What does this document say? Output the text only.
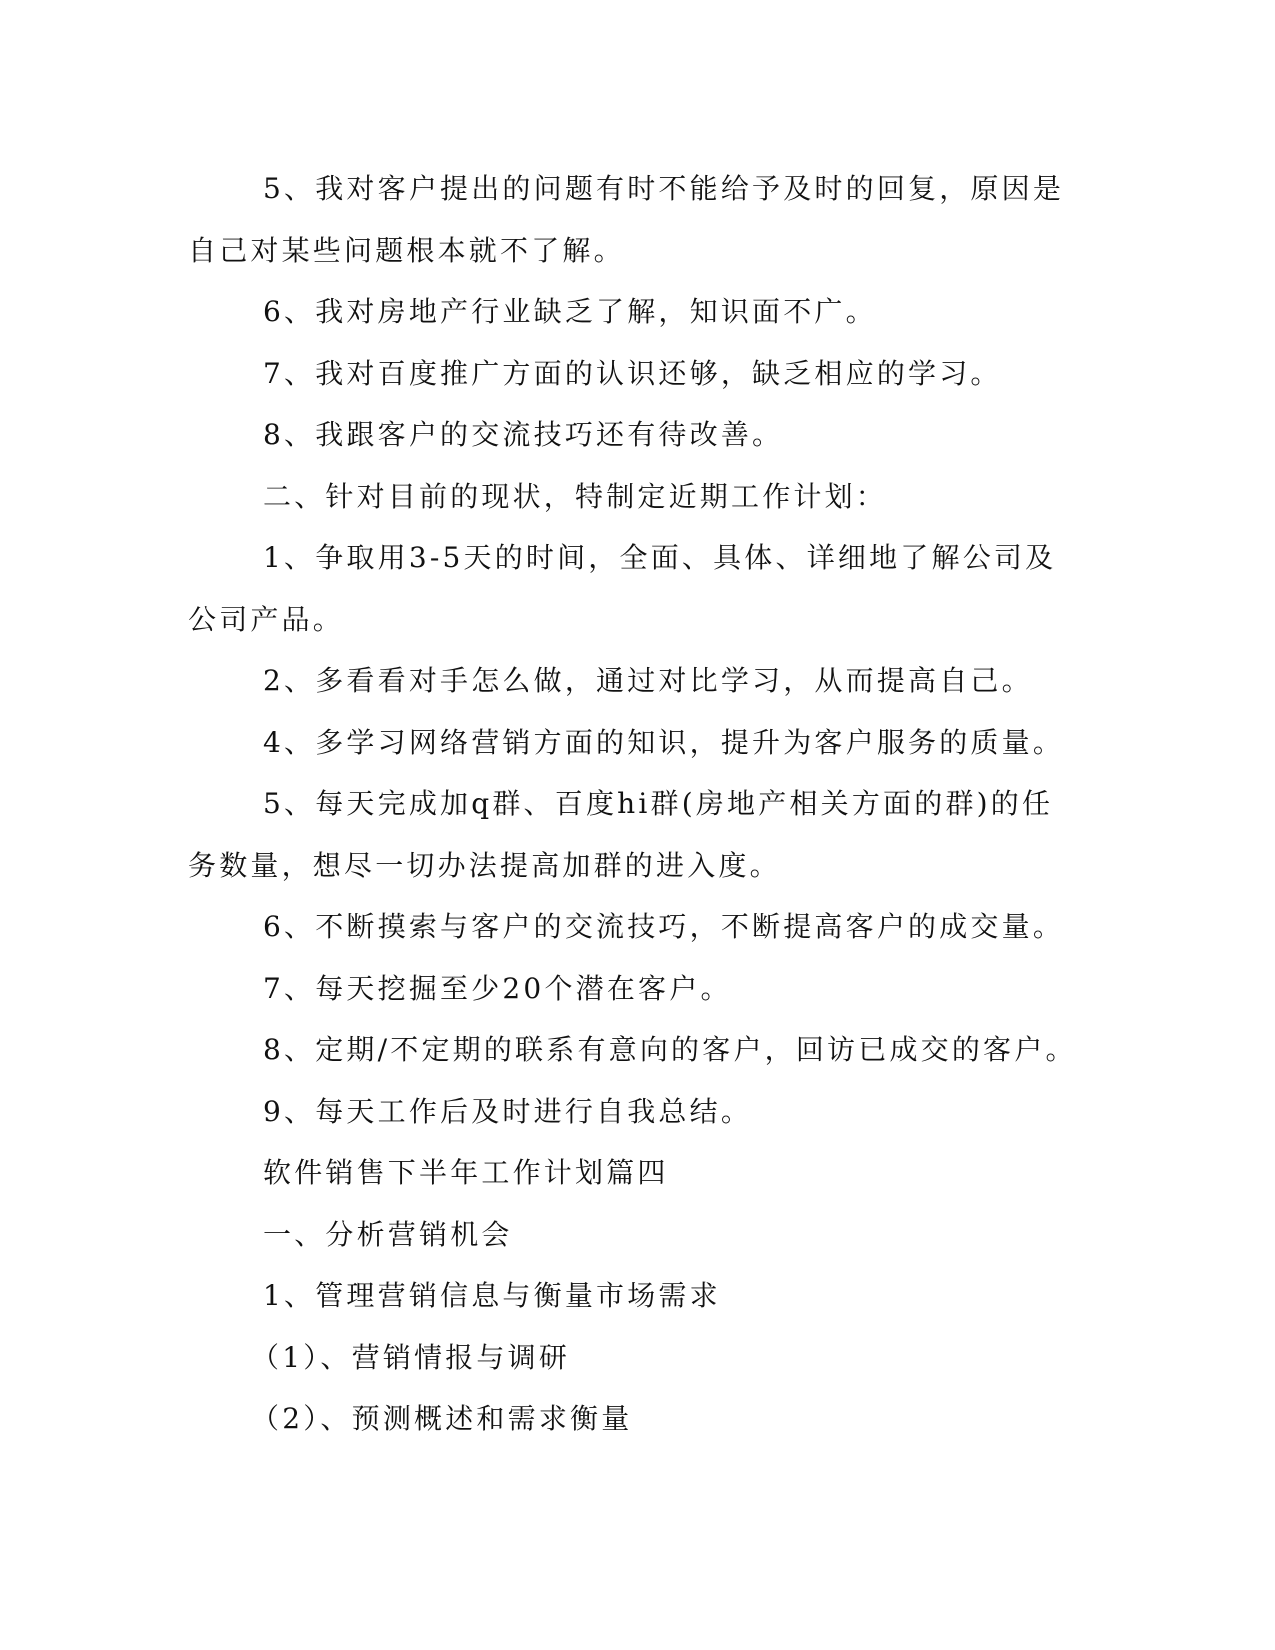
5、我对客户提出的问题有时不能给予及时的回复，原因是自己对某些问题根本就不了解。

6、我对房地产行业缺乏了解，知识面不广。

7、我对百度推广方面的认识还够，缺乏相应的学习。

8、我跟客户的交流技巧还有待改善。

二、针对目前的现状，特制定近期工作计划：

1、争取用3-5天的时间，全面、具体、详细地了解公司及公司产品。

2、多看看对手怎么做，通过对比学习，从而提高自己。

4、多学习网络营销方面的知识，提升为客户服务的质量。

5、每天完成加q群、百度hi群(房地产相关方面的群)的任务数量，想尽一切办法提高加群的进入度。

6、不断摸索与客户的交流技巧，不断提高客户的成交量。

7、每天挖掘至少20个潜在客户。

8、定期/不定期的联系有意向的客户，回访已成交的客户。

9、每天工作后及时进行自我总结。

软件销售下半年工作计划篇四

一、分析营销机会

1、管理营销信息与衡量市场需求

（1）、营销情报与调研

（2）、预测概述和需求衡量
